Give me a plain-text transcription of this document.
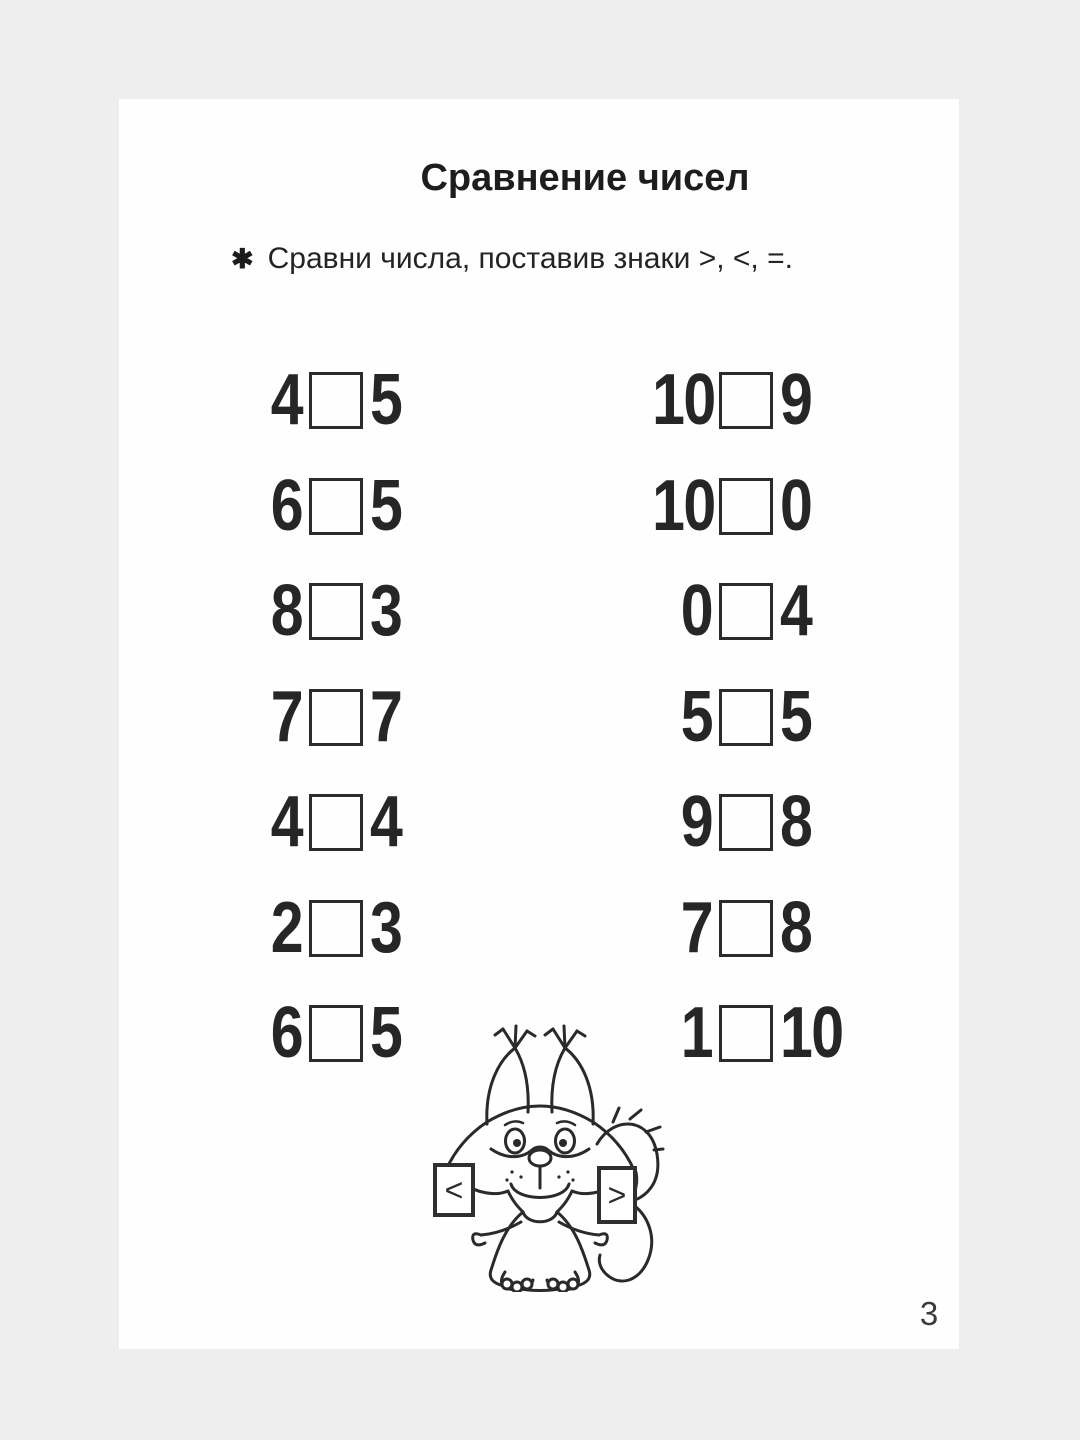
Сравнение чисел
✱ Сравни числа, поставив знаки >, <, =.
4 5
6 5
8 3
7 7
4 4
2 3
6 5
10 9
10 0
0 4
5 5
9 8
7 8
1 10
<	>
3
